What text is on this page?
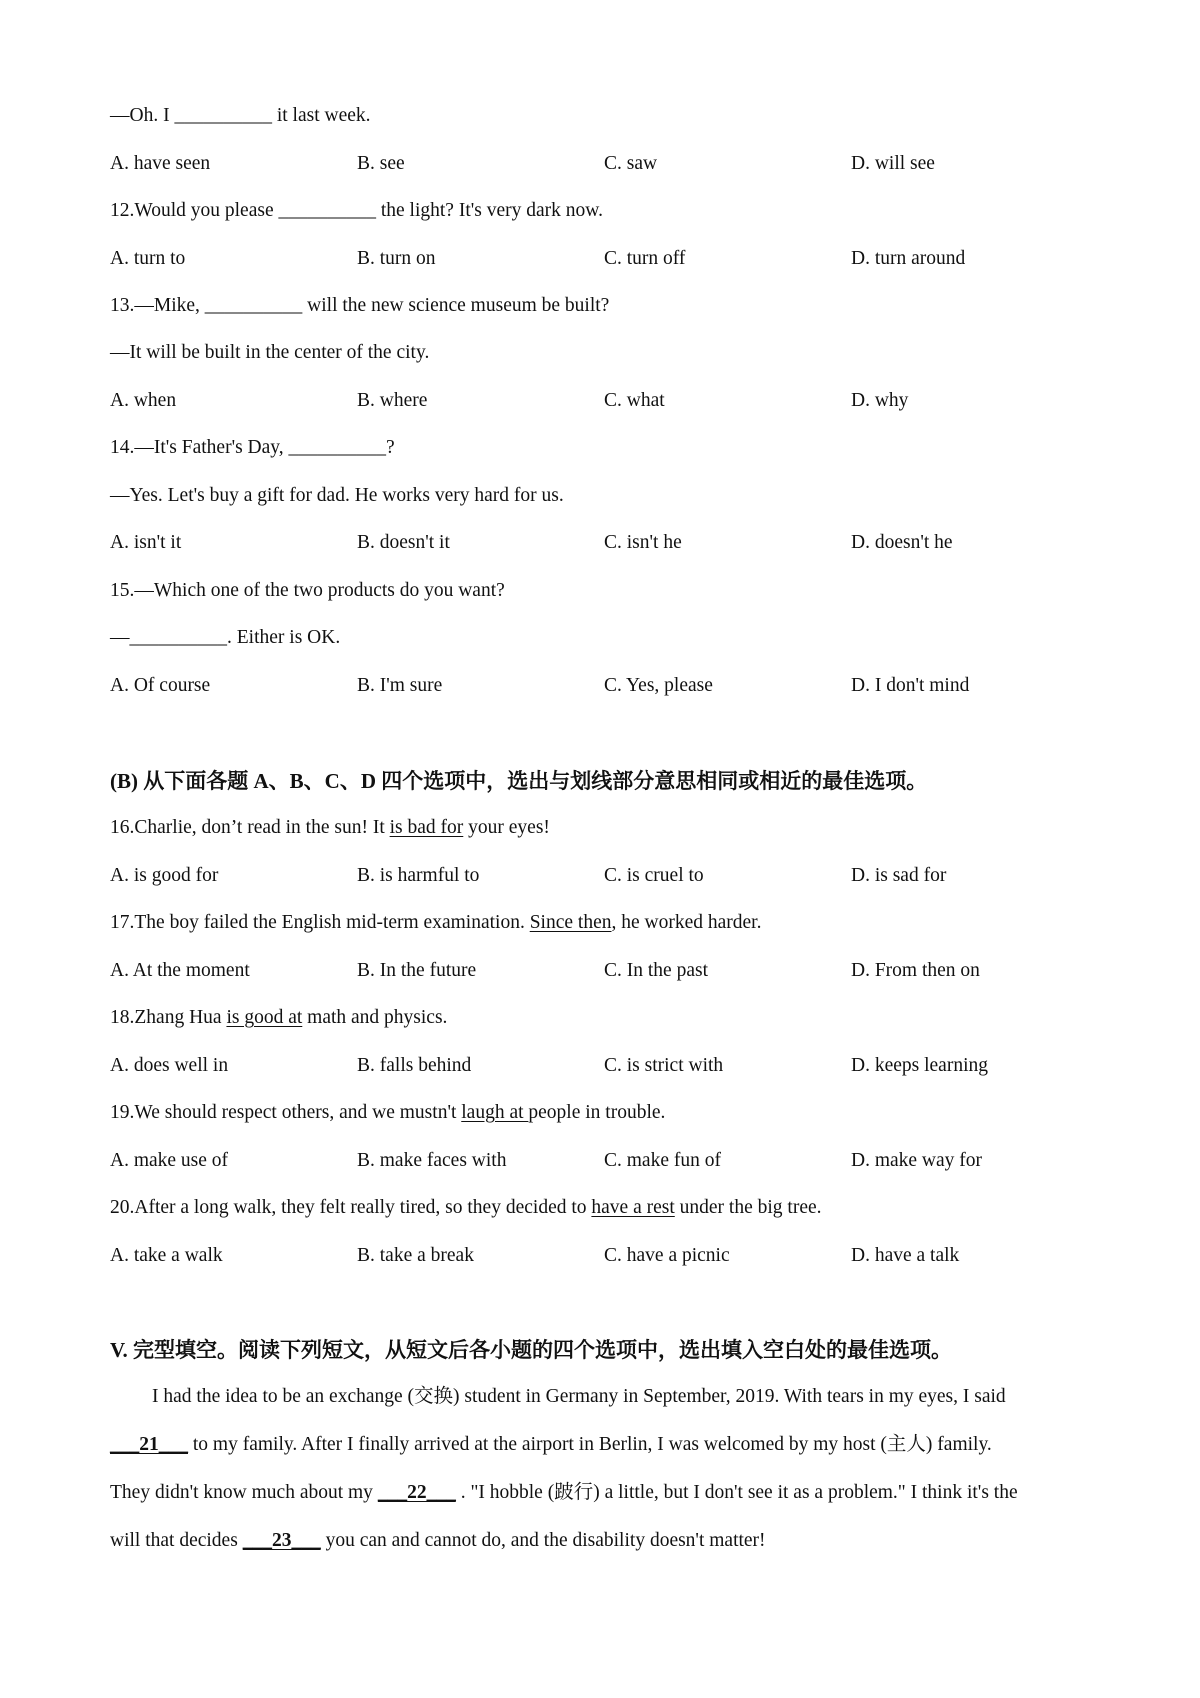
—Oh. I __________ it last week.
A. have seen	B. see	C. saw	D. will see
12.Would you please __________ the light? It's very dark now.
A. turn to	B. turn on	C. turn off	D. turn around
13.—Mike, __________ will the new science museum be built?
—It will be built in the center of the city.
A. when	B. where	C. what	D. why
14.—It's Father's Day, __________?
—Yes. Let's buy a gift for dad. He works very hard for us.
A. isn't it	B. doesn't it	C. isn't he	D. doesn't he
15.—Which one of the two products do you want?
—__________. Either is OK.
A. Of course	B. I'm sure	C. Yes, please	D. I don't mind
(B) 从下面各题 A、B、C、D 四个选项中，选出与划线部分意思相同或相近的最佳选项。
16.Charlie, don’t read in the sun! It is bad for your eyes!
A. is good for	B. is harmful to	C. is cruel to	D. is sad for
17.The boy failed the English mid-term examination. Since then, he worked harder.
A. At the moment	B. In the future	C. In the past	D. From then on
18.Zhang Hua is good at math and physics.
A. does well in	B. falls behind	C. is strict with	D. keeps learning
19.We should respect others, and we mustn't laugh at people in trouble.
A. make use of	B. make faces with	C. make fun of	D. make way for
20.After a long walk, they felt really tired, so they decided to have a rest under the big tree.
A. take a walk	B. take a break	C. have a picnic	D. have a talk
V. 完型填空。阅读下列短文，从短文后各小题的四个选项中，选出填入空白处的最佳选项。
I had the idea to be an exchange (交换) student in Germany in September, 2019. With tears in my eyes, I said
___21___ to my family. After I finally arrived at the airport in Berlin, I was welcomed by my host (主人) family.
They didn't know much about my ___22___ . "I hobble (跛行) a little, but I don't see it as a problem." I think it's the
will that decides ___23___ you can and cannot do, and the disability doesn't matter!
